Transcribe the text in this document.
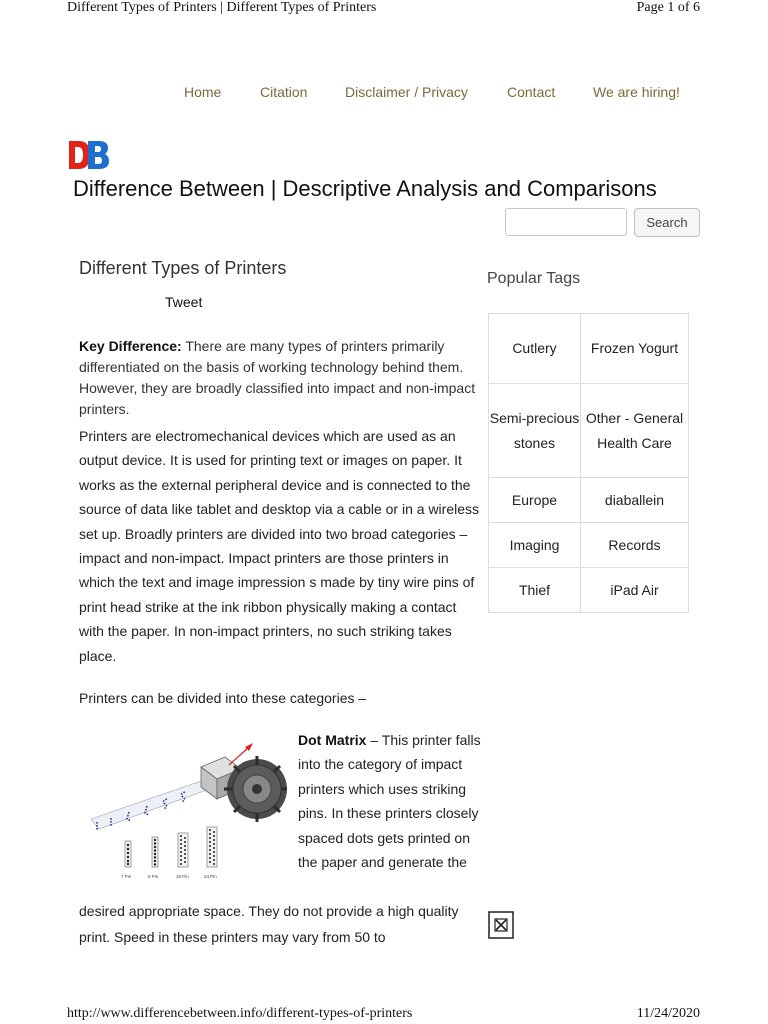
Different Types of Printers | Different Types of Printers	Page 1 of 6
Home	Citation	Disclaimer / Privacy	Contact	We are hiring!
Difference Between | Descriptive Analysis and Comparisons
Search
Different Types of Printers
Tweet
Key Difference: There are many types of printers primarily differentiated on the basis of working technology behind them. However, they are broadly classified into impact and non-impact printers.
Printers are electromechanical devices which are used as an output device. It is used for printing text or images on paper. It works as the external peripheral device and is connected to the source of data like tablet and desktop via a cable or in a wireless set up. Broadly printers are divided into two broad categories – impact and non-impact. Impact printers are those printers in which the text and image impression s made by tiny wire pins of print head strike at the ink ribbon physically making a contact with the paper. In non-impact printers, no such striking takes place.
Printers can be divided into these categories –
7 Pin	9 Pin	18 Pin	24 Pin
Dot Matrix – This printer falls into the category of impact printers which uses striking pins. In these printers closely spaced dots gets printed on the paper and generate the
desired appropriate space. They do not provide a high quality print. Speed in these printers may vary from 50 to
Popular Tags
Cutlery	Frozen Yogurt
Semi-precious stones	Other - General Health Care
Europe	diaballein
Imaging	Records
Thief	iPad Air
http://www.differencebetween.info/different-types-of-printers	11/24/2020
